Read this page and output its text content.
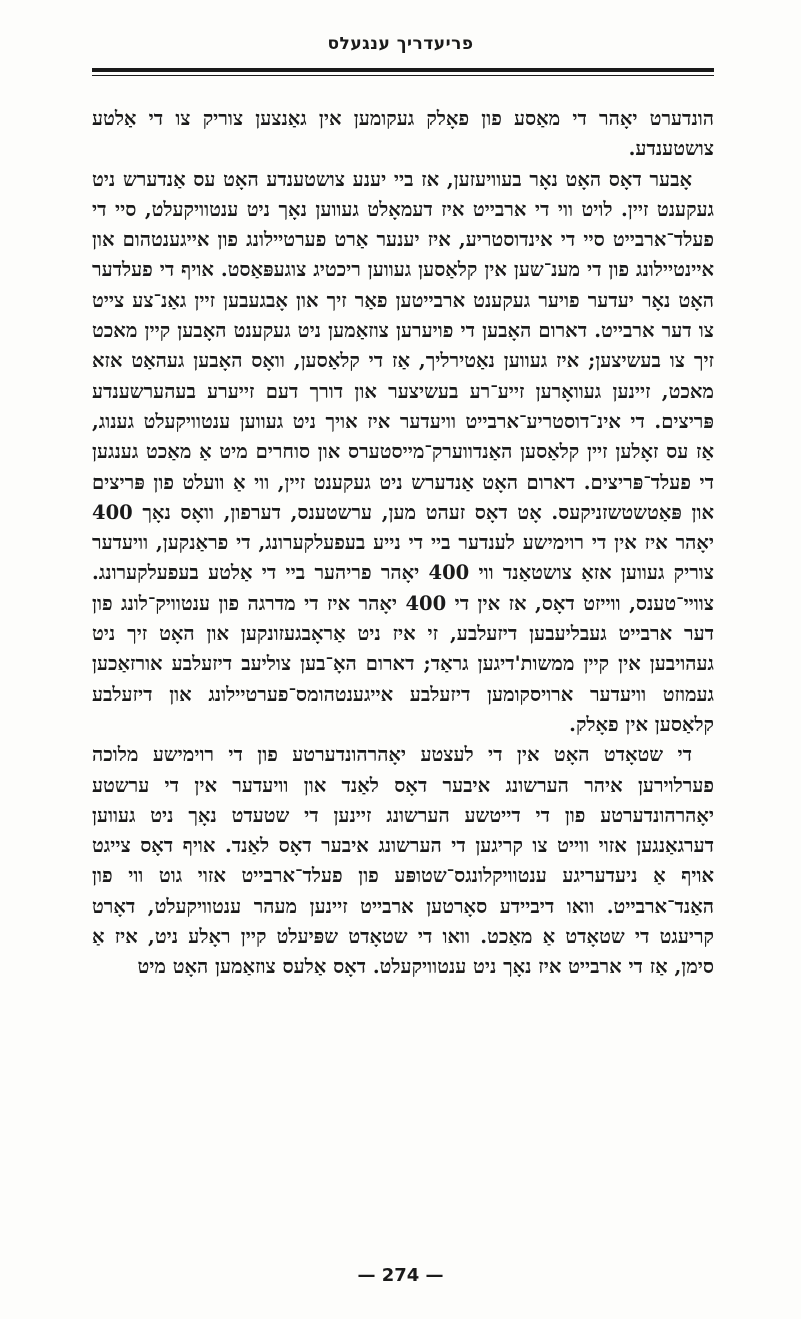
פריעדריך ענגעלס

הונדערט יאָהר די מאַסע פון פאָלק געקומען אין גאַנצען צוריק צו די אַלטע צושטענדע.

אָבער דאָס האָט נאָר בעוויעזען, אז ביי יענע צושטענדע האָט עס אַנדערש ניט געקענט זיין. לויט ווי די ארבייט איז דעמאָלט געווען נאָך ניט ענטוויקעלט, סיי די פעלד־ארבייט סיי די אינדוסטריע, איז יענער אַרט פערטיילונג פון אייגענטהום און איינטיילונג פון די מענ־שען אין קלאַסען געווען ריכטיג צוגעפּאַסט. אויף די פעלדער האָט נאָר יעדער פויער געקענט ארבייטען פאַר זיך און אָבגעבען זיין גאַנ־צע צייט צו דער ארבייט. דארום האָבען די פויערען צוזאַמען ניט געקענט האָבען קיין מאכט זיך צו בעשיצען; איז געווען נאַטירליך, אַז די קלאַסען, וואָס האָבען געהאַט אזא מאכט, זיינען געוואָרען זייע־רע בעשיצער און דורך דעם זייערע בעהערשענדע פּריצים. די אינ־דוסטריע־ארבייט וויעדער איז אויך ניט געווען ענטוויקעלט גענוג, אַז עס זאָלען זיין קלאַסען האַנדווערק־מייסטערס און סוחרים מיט אַ מאַכט גענגען די פעלד־פּריצים. דארום האָט אַנדערש ניט געקענט זיין, ווי אַ וועלט פון פּריצים און פּאַטשטשזניקעס. אָט דאָס זעהט מען, ערשטענס, דערפון, וואָס נאָך 400 יאָהר איז אין די רוימישע לענדער ביי די נייע בעפעלקערונג, די פראַנקען, וויעדער צוריק געווען אזאַ צושטאַנד ווי 400 יאָהר פריהער ביי די אַלטע בעפעלקערונג. צוויי־טענס, ווייזט דאָס, אז אין די 400 יאָהר איז די מדרגה פון ענטוויק־לונג פון דער ארבייט געבליעבען דיזעלבע, זי איז ניט אַראָבגעזונקען און האָט זיך ניט געהויבען אין קיין ממשות'דיגען גראַד; דארום האָ־בען צוליעב דיזעלבע אורזאַכען געמוזט וויעדער ארויסקומען דיזעלבע אייגענטהומס־פערטיילונג און דיזעלבע קלאַסען אין פאָלק.

די שטאָדט האָט אין די לעצטע יאָהרהונדערטע פון די רוימישע מלוכה פערלוירען איהר הערשונג איבער דאָס לאַנד און וויעדער אין די ערשטע יאָהרהונדערטע פון די דייטשע הערשונג זיינען די שטעדט נאָך ניט געווען דערגאַנגען אזוי ווייט צו קריגען די הערשונג איבער דאָס לאַנד. אויף דאָס צייגט אויף אַ ניעדעריגע ענטוויקלונגס־שטופּע פון פעלד־ארבייט אזוי גוט ווי פון האַנד־ארבייט. וואו דיביידע סאָרטען ארבייט זיינען מעהר ענטוויקעלט, דאָרט קריעגט די שטאָדט אַ מאַכט. וואו די שטאָדט שפּיעלט קיין ראָלע ניט, איז אַ סימן, אַז די ארבייט איז נאָך ניט ענטוויקעלט. דאָס אַלעס צוזאַמען האָט מיט

— 274 —
